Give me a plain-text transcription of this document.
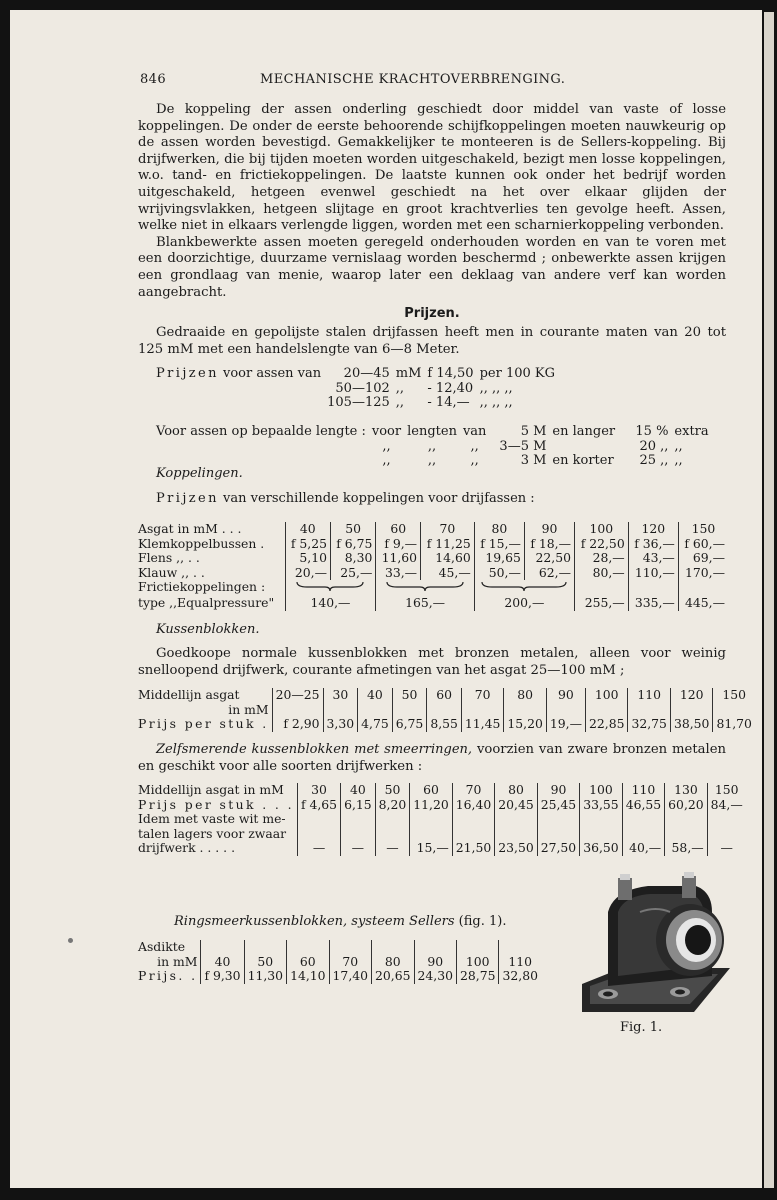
846	MECHANISCHE KRACHTOVERBRENGING.

De koppeling der assen onderling geschiedt door middel van vaste of losse koppelingen. De onder de eerste behoorende schijfkoppelingen moeten nauwkeurig op de assen worden bevestigd. Gemakkelijker te monteeren is de Sellers-koppeling. Bij drijfwerken, die bij tijden moeten worden uitgeschakeld, bezigt men losse koppelingen, w.o. tand- en frictiekoppelingen. De laatste kunnen ook onder het bedrijf worden uitgeschakeld, hetgeen evenwel geschiedt na het over elkaar glijden der wrijvingsvlakken, hetgeen slijtage en groot krachtverlies ten gevolge heeft. Assen, welke niet in elkaars verlengde liggen, worden met een scharnierkoppeling verbonden.

Blankbewerkte assen moeten geregeld onderhouden worden en van te voren met een doorzichtige, duurzame vernislaag worden beschermd ; onbewerkte assen krijgen een grondlaag van menie, waarop later een deklaag van andere verf kan worden aangebracht.

Prijzen.

Gedraaide en gepolijste stalen drijfassen heeft men in courante maten van 20 tot 125 mM met een handelslengte van 6—8 Meter.

Prijzen voor assen van	20—45	mM	f 14,50	per 100 KG
	50—102	,,	- 12,40	,, ,, ,,
	105—125	,,	- 14,—	,, ,, ,,
Voor assen op bepaalde lengte :	voor	lengten	van	5 M	en langer	15 %	extra
	,,	,,	,,	3—5 M		20 ,,	,,
	,,	,,	,,	3 M	en korter	25 ,,	,,
Koppelingen.
Prijzen van verschillende koppelingen voor drijfassen :
Asgat in mM . . .	40	50	60	70	80	90	100	120	150
Klemkoppelbussen .	f 5,25	f 6,75	f 9,—	f 11,25	f 15,—	f 18,—	f 22,50	f 36,—	f 60,—
Flens ,, . .	5,10	8,30	11,60	14,60	19,65	22,50	28,—	43,—	69,—
Klauw ,, . .	20,—	25,—	33,—	45,—	50,—	62,—	80,—	110,—	170,—
Frictiekoppelingen :						
type ,,Equalpressure"	140,—		165,—		200,—		255,—	335,—	445,—
Kussenblokken.

Goedkoope normale kussenblokken met bronzen metalen, alleen voor weinig snelloopend drijfwerk, courante afmetingen van het asgat 25—100 mM ;

Middellijn asgat	20—25	30	40	50	60	70	80	90	100	110	120	150
in mM												
Prijs per stuk .	f 2,90	3,30	4,75	6,75	8,55	11,45	15,20	19,—	22,85	32,75	38,50	81,70

Zelfsmerende kussenblokken met smeerringen, voorzien van zware bronzen metalen en geschikt voor alle soorten drijfwerken :

Middellijn asgat in mM	30	40	50	60	70	80	90	100	110	130	150
Prijs per stuk . . .	f 4,65	6,15	8,20	11,20	16,40	20,45	25,45	33,55	46,55	60,20	84,—
Idem met vaste wit me-											
talen lagers voor zwaar											
drijfwerk . . . . .	—	—	—	15,—	21,50	23,50	27,50	36,50	40,—	58,—	—
Ringsmeerkussenblokken, systeem Sellers (fig. 1).
Asdikte								
in mM	40	50	60	70	80	90	100	110
Prijs. .	f 9,30	11,30	14,10	17,40	20,65	24,30	28,75	32,80
Fig. 1.
